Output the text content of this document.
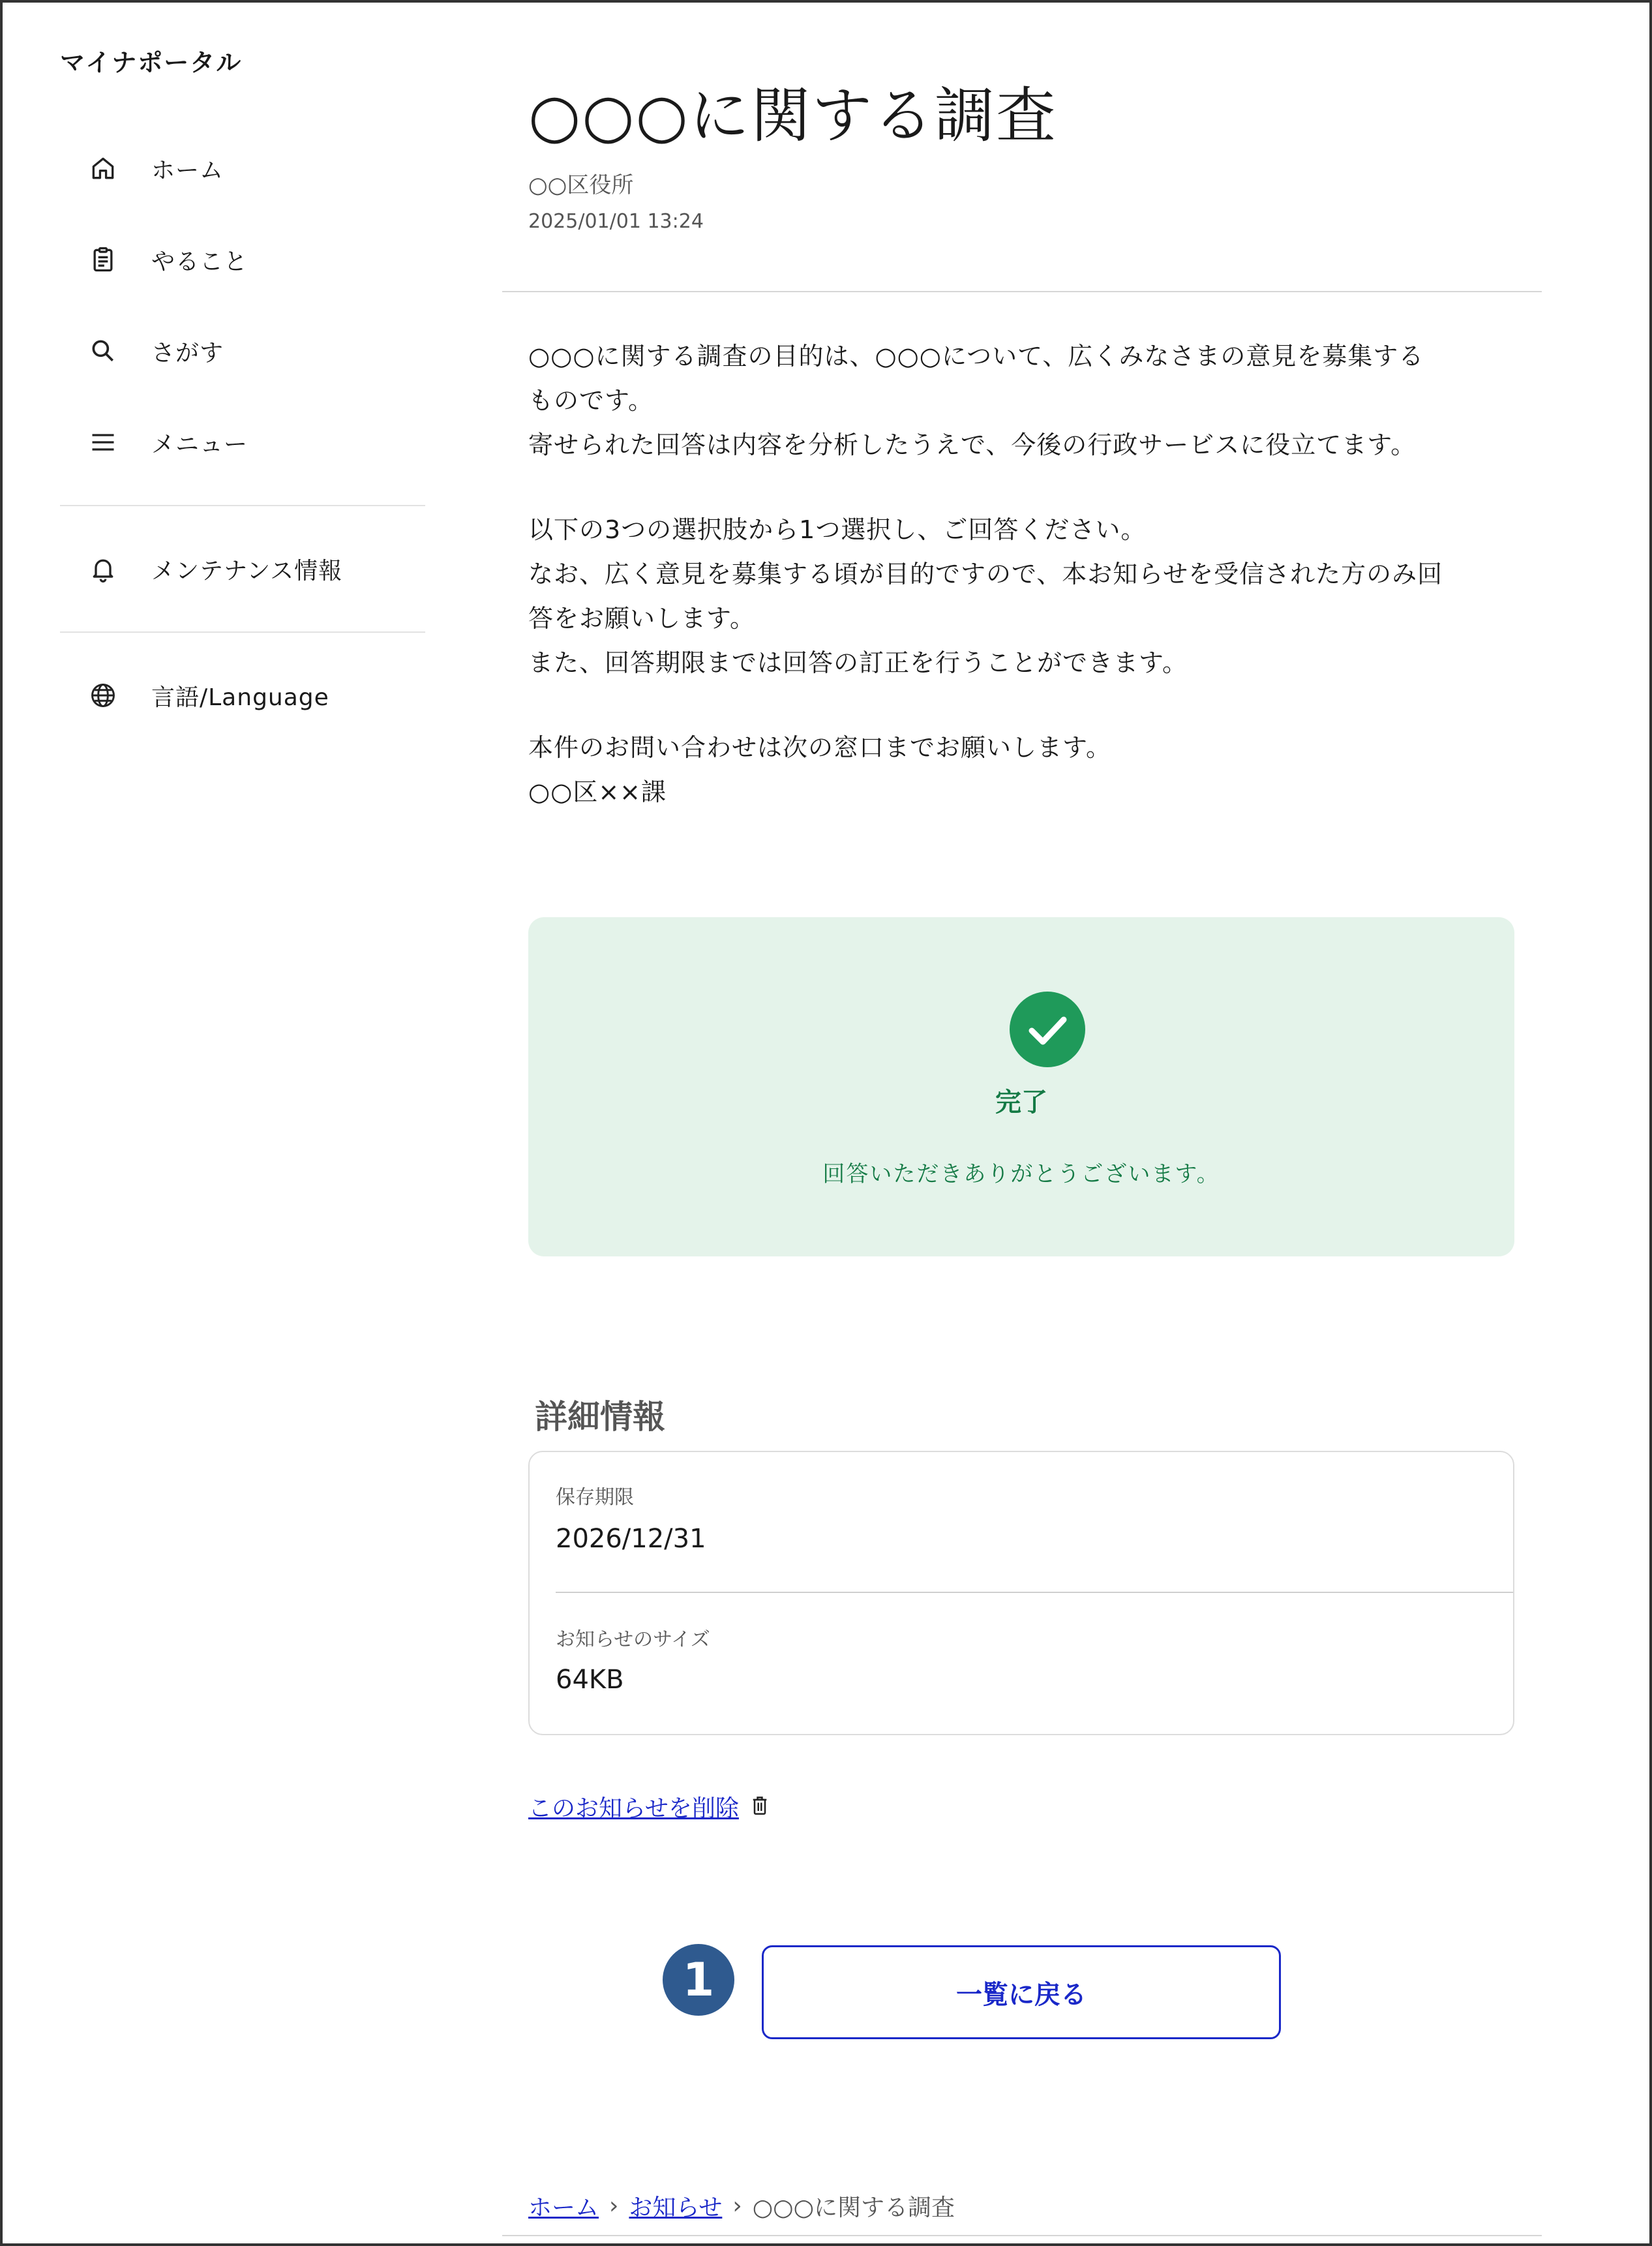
マイナポータル
ホーム
やること
さがす
メニュー
メンテナンス情報
言語/Language
○○○に関する調査
○○区役所
2025/01/01 13:24

○○○に関する調査の目的は、○○○について、広くみなさまの意見を募集する
ものです。
寄せられた回答は内容を分析したうえで、今後の行政サービスに役立てます。

以下の3つの選択肢から1つ選択し、ご回答ください。
なお、広く意見を募集する頃が目的ですので、本お知らせを受信された方のみ回
答をお願いします。
また、回答期限までは回答の訂正を行うことができます。

本件のお問い合わせは次の窓口までお願いします。
○○区××課

完了
回答いただきありがとうございます。
詳細情報
保存期限
2026/12/31
お知らせのサイズ
64KB
このお知らせを削除
1	一覧に戻る
ホーム › お知らせ › ○○○に関する調査
